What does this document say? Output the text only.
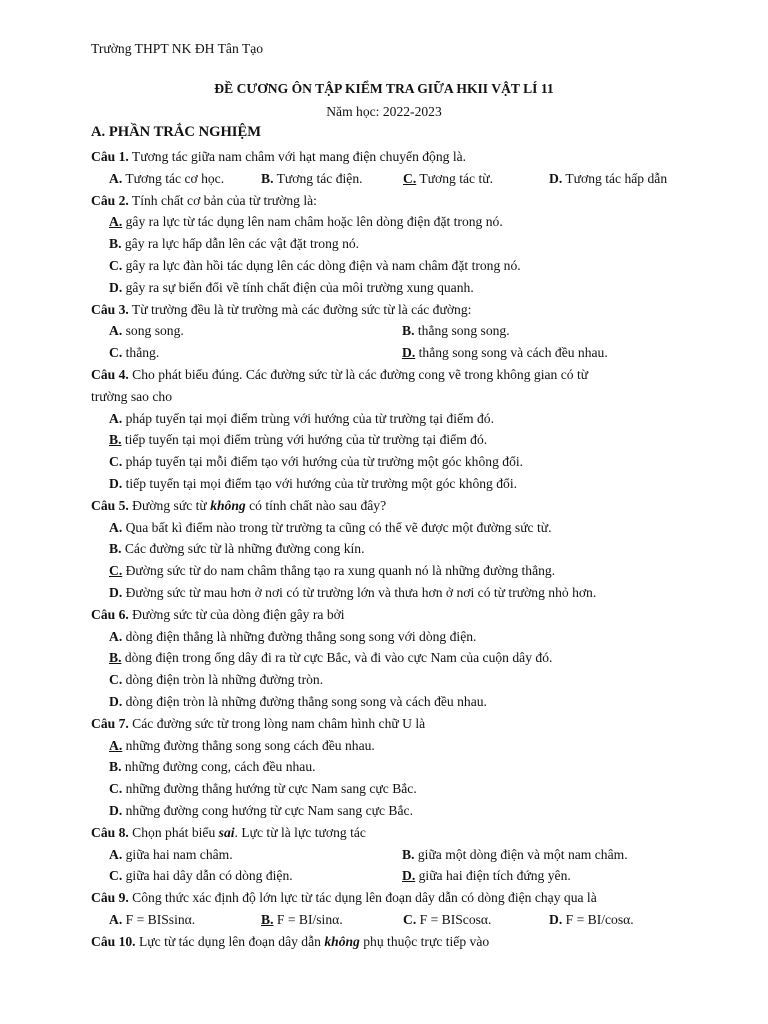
Trường THPT NK ĐH Tân Tạo
ĐỀ CƯƠNG ÔN TẬP KIỂM TRA GIỮA HKII VẬT LÍ 11
Năm học: 2022-2023
A. PHẦN TRẮC NGHIỆM
Câu 1. Tương tác giữa nam châm với hạt mang điện chuyển động là.
A. Tương tác cơ học.	B. Tương tác điện.	C. Tương tác từ.	D. Tương tác hấp dẫn
Câu 2. Tính chất cơ bản của từ trường là:
A. gây ra lực từ tác dụng lên nam châm hoặc lên dòng điện đặt trong nó.
B. gây ra lực hấp dẫn lên các vật đặt trong nó.
C. gây ra lực đàn hồi tác dụng lên các dòng điện và nam châm đặt trong nó.
D. gây ra sự biến đổi về tính chất điện của môi trường xung quanh.
Câu 3. Từ trường đều là từ trường mà các đường sức từ là các đường:
A. song song.	B. thẳng song song.
C. thẳng.	D. thẳng song song và cách đều nhau.
Câu 4. Cho phát biểu đúng. Các đường sức từ là các đường cong vẽ trong không gian có từ
trường sao cho
A. pháp tuyến tại mọi điểm trùng với hướng của từ trường tại điểm đó.
B. tiếp tuyến tại mọi điểm trùng với hướng của từ trường tại điểm đó.
C. pháp tuyến tại mỗi điểm tạo với hướng của từ trường một góc không đổi.
D. tiếp tuyến tại mọi điểm tạo với hướng của từ trường một góc không đổi.
Câu 5. Đường sức từ không có tính chất nào sau đây?
A. Qua bất kì điểm nào trong từ trường ta cũng có thể vẽ được một đường sức từ.
B. Các đường sức từ là những đường cong kín.
C. Đường sức từ do nam châm thẳng tạo ra xung quanh nó là những đường thẳng.
D. Đường sức từ mau hơn ở nơi có từ trường lớn và thưa hơn ở nơi có từ trường nhỏ hơn.
Câu 6. Đường sức từ của dòng điện gây ra bởi
A. dòng điện thẳng là những đường thẳng song song với dòng điện.
B. dòng điện trong ống dây đi ra từ cực Bắc, và đi vào cực Nam của cuộn dây đó.
C. dòng điện tròn là những đường tròn.
D. dòng điện tròn là những đường thẳng song song và cách đều nhau.
Câu 7. Các đường sức từ trong lòng nam châm hình chữ U là
A. những đường thẳng song song cách đều nhau.
B. những đường cong, cách đều nhau.
C. những đường thẳng hướng từ cực Nam sang cực Bắc.
D. những đường cong hướng từ cực Nam sang cực Bắc.
Câu 8. Chọn phát biểu sai. Lực từ là lực tương tác
A. giữa hai nam châm.	B. giữa một dòng điện và một nam châm.
C. giữa hai dây dẫn có dòng điện.	D. giữa hai điện tích đứng yên.
Câu 9. Công thức xác định độ lớn lực từ tác dụng lên đoạn dây dẫn có dòng điện chạy qua là
A. F = BISsinα.	B. F = BI/sinα.	C. F = BIScosα.	D. F = BI/cosα.
Câu 10. Lực từ tác dụng lên đoạn dây dẫn không phụ thuộc trực tiếp vào
